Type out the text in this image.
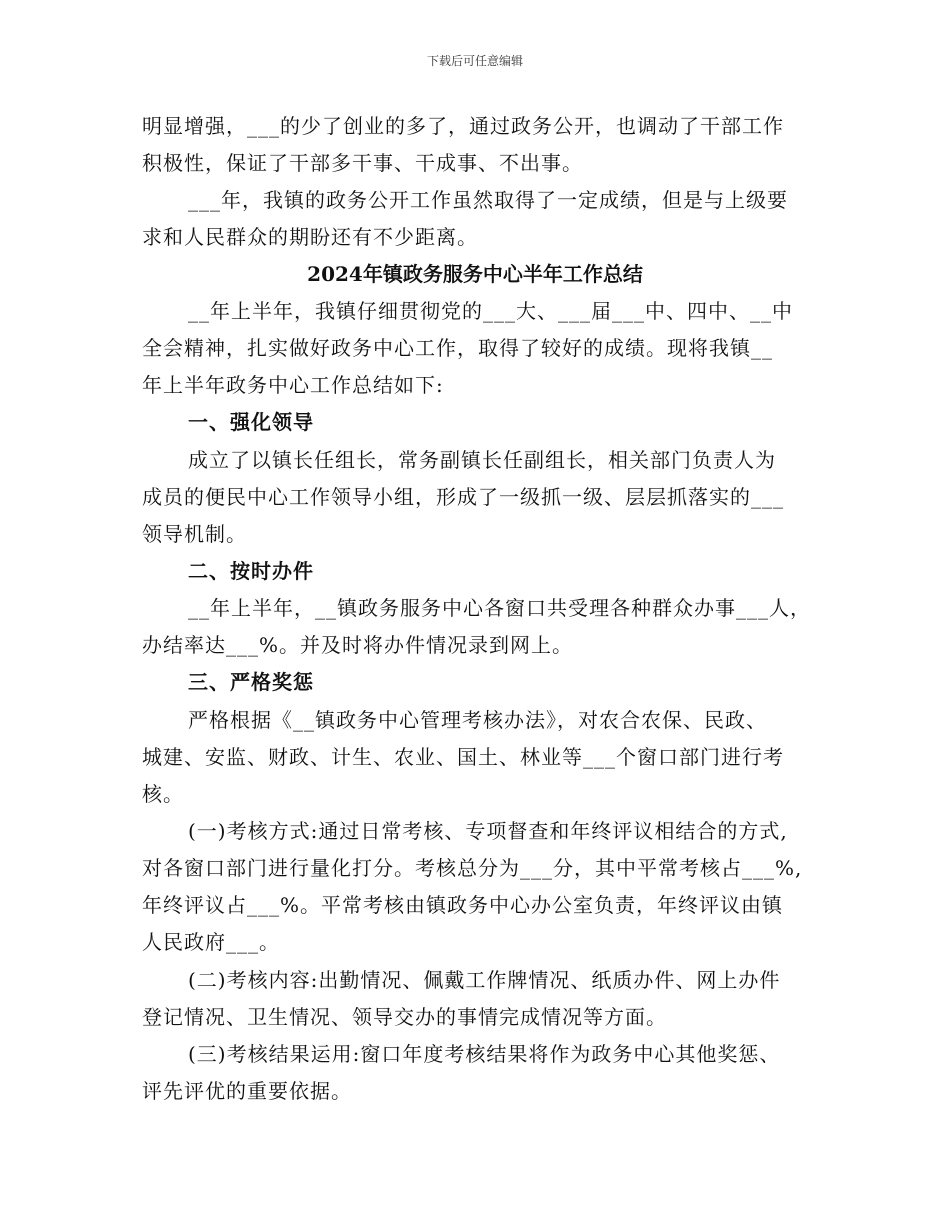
下载后可任意编辑
明显增强，___的少了创业的多了，通过政务公开，也调动了干部工作
积极性，保证了干部多干事、干成事、不出事。
___年，我镇的政务公开工作虽然取得了一定成绩，但是与上级要
求和人民群众的期盼还有不少距离。
2024年镇政务服务中心半年工作总结
__年上半年，我镇仔细贯彻党的___大、___届___中、四中、__中
全会精神，扎实做好政务中心工作，取得了较好的成绩。现将我镇__
年上半年政务中心工作总结如下:
一、强化领导
成立了以镇长任组长，常务副镇长任副组长，相关部门负责人为
成员的便民中心工作领导小组，形成了一级抓一级、层层抓落实的___
领导机制。
二、按时办件
__年上半年，__镇政务服务中心各窗口共受理各种群众办事___人，
办结率达___%。并及时将办件情况录到网上。
三、严格奖惩
严格根据《__镇政务中心管理考核办法》，对农合农保、民政、
城建、安监、财政、计生、农业、国土、林业等___个窗口部门进行考
核。
(一)考核方式:通过日常考核、专项督查和年终评议相结合的方式,
对各窗口部门进行量化打分。考核总分为___分，其中平常考核占___%,
年终评议占___%。平常考核由镇政务中心办公室负责，年终评议由镇
人民政府___。
(二)考核内容:出勤情况、佩戴工作牌情况、纸质办件、网上办件
登记情况、卫生情况、领导交办的事情完成情况等方面。
(三)考核结果运用:窗口年度考核结果将作为政务中心其他奖惩、
评先评优的重要依据。
